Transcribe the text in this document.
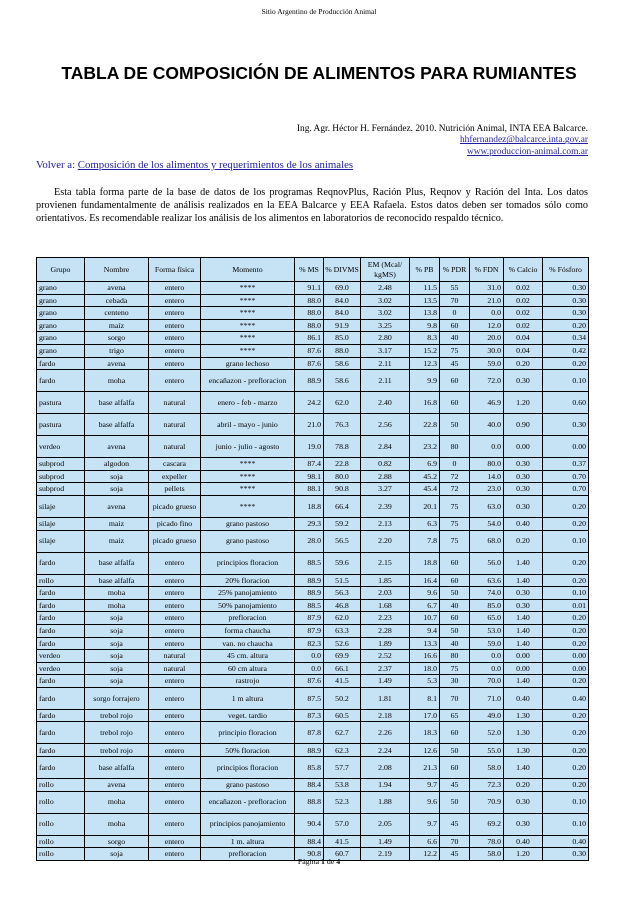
Sitio Argentino de Producción Animal
TABLA DE COMPOSICIÓN DE ALIMENTOS PARA RUMIANTES
Ing. Agr. Héctor H. Fernández. 2010. Nutrición Animal, INTA EEA Balcarce.
hhfernandez@balcarce.inta.gov.ar
www.produccion-animal.com.ar
Volver a: Composición de los alimentos y requerimientos de los animales

Esta tabla forma parte de la base de datos de los programas ReqnovPlus, Ración Plus, Reqnov y Ración del Inta. Los datos provienen fundamentalmente de análisis realizados en la EEA Balcarce y EEA Rafaela. Estos datos deben ser tomados sólo como orientativos. Es recomendable realizar los análisis de los alimentos en laboratorios de reconocido respaldo técnico.

Grupo	Nombre	Forma física	Momento	% MS	% DIVMS	EM (Mcal/ kgMS)	% PB	% PDR	% FDN	% Calcio	% Fósforo
grano	avena	entero	****	91.1	69.0	2.48	11.5	55	31.0	0.02	0.30
grano	cebada	entero	****	88.0	84.0	3.02	13.5	70	21.0	0.02	0.30
grano	centeno	entero	****	88.0	84.0	3.02	13.8	0	0.0	0.02	0.30
grano	maíz	entero	****	88.0	91.9	3.25	9.8	60	12.0	0.02	0.20
grano	sorgo	entero	****	86.1	85.0	2.80	8.3	40	20.0	0.04	0.34
grano	trigo	entero	****	87.6	88.0	3.17	15.2	75	30.0	0.04	0.42
fardo	avena	entero	grano lechoso	87.6	58.6	2.11	12.3	45	59.0	0.20	0.20
fardo	moha	entero	encañazon - prefloracion	88.9	58.6	2.11	9.9	60	72.0	0.30	0.10
pastura	base alfalfa	natural	enero - feb - marzo	24.2	62.0	2.40	16.8	60	46.9	1.20	0.60
pastura	base alfalfa	natural	abril - mayo - junio	21.0	76.3	2.56	22.8	50	40.0	0.90	0.30
verdeo	avena	natural	junio - julio - agosto	19.0	78.8	2.84	23.2	80	0.0	0.00	0.00
subprod	algodon	cascara	****	87.4	22.8	0.82	6.9	0	80.0	0.30	0.37
subprod	soja	expeller	****	98.1	80.0	2.88	45.2	72	14.0	0.30	0.70
subprod	soja	pellets	****	88.1	90.8	3.27	45.4	72	23.0	0.30	0.70
silaje	avena	picado grueso	****	18.8	66.4	2.39	20.1	75	63.0	0.30	0.20
silaje	maiz	picado fino	grano pastoso	29.3	59.2	2.13	6.3	75	54.0	0.40	0.20
silaje	maiz	picado grueso	grano pastoso	28.0	56.5	2.20	7.8	75	68.0	0.20	0.10
fardo	base alfalfa	entero	principios floracion	88.5	59.6	2.15	18.8	60	56.0	1.40	0.20
rollo	base alfalfa	entero	20% floracion	88.9	51.5	1.85	16.4	60	63.6	1.40	0.20
fardo	moha	entero	25% panojamiento	88.9	56.3	2.03	9.6	50	74.0	0.30	0.10
fardo	moha	entero	50% panojamiento	88.5	46.8	1.68	6.7	40	85.0	0.30	0.01
fardo	soja	entero	prefloracion	87.9	62.0	2.23	10.7	60	65.0	1.40	0.20
fardo	soja	entero	forma chaucha	87.9	63.3	2.28	9.4	50	53.0	1.40	0.20
fardo	soja	entero	van. no chaucha	82.3	52.6	1.89	13.3	40	59.0	1.40	0.20
verdeo	soja	natural	45 cm. altura	0.0	69.9	2.52	16.6	80	0.0	0.00	0.00
verdeo	soja	natural	60 cm altura	0.0	66.1	2.37	18.0	75	0.0	0.00	0.00
fardo	soja	entero	rastrojo	87.6	41.5	1.49	5.3	30	70.0	1.40	0.20
fardo	sorgo forrajero	entero	1 m altura	87.5	50.2	1.81	8.1	70	71.0	0.40	0.40
fardo	trebol rojo	entero	veget. tardio	87.3	60.5	2.18	17.0	65	49.0	1.30	0.20
fardo	trebol rojo	entero	principio floracion	87.8	62.7	2.26	18.3	60	52.0	1.30	0.20
fardo	trebol rojo	entero	50% floracion	88.9	62.3	2.24	12.6	50	55.0	1.30	0.20
fardo	base alfalfa	entero	principios floracion	85.8	57.7	2.08	21.3	60	58.0	1.40	0.20
rollo	avena	entero	grano pastoso	88.4	53.8	1.94	9.7	45	72.3	0.20	0.20
rollo	moha	entero	encañazon - prefloracion	88.8	52.3	1.88	9.6	50	70.9	0.30	0.10
rollo	moha	entero	principios panojamiento	90.4	57.0	2.05	9.7	45	69.2	0.30	0.10
rollo	sorgo	entero	1 m. altura	88.4	41.5	1.49	6.6	70	78.0	0.40	0.40
rollo	soja	entero	prefloracion	90.8	60.7	2.19	12.2	45	58.0	1.20	0.30
Página 1 de 4
